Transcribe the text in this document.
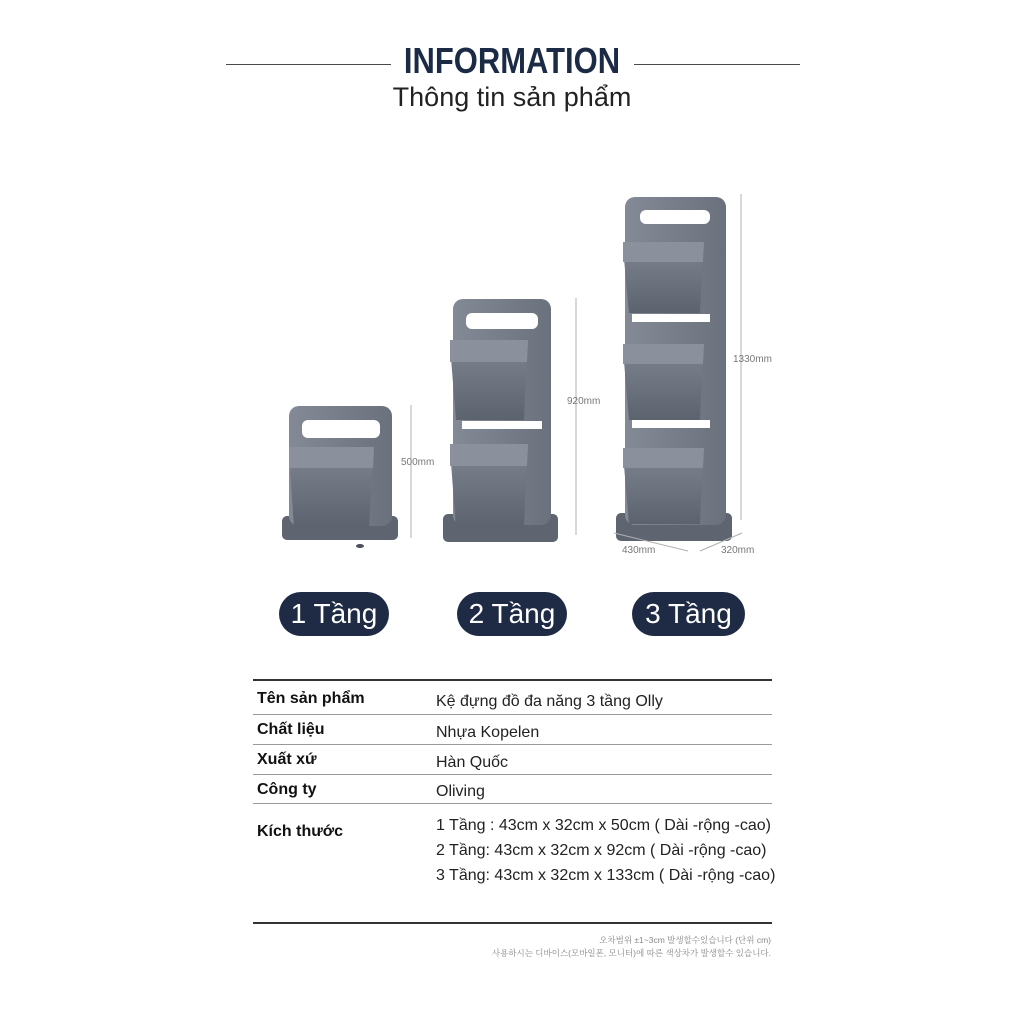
INFORMATION
Thông tin sản phẩm
500mm
920mm
1330mm
430mm	320mm
1 Tầng	2 Tầng	3 Tầng
Tên sản phẩm	Kệ đựng đồ đa năng 3 tầng Olly
Chất liệu	Nhựa Kopelen
Xuất xứ	Hàn Quốc
Công ty	Oliving
Kích thước	1 Tầng : 43cm x 32cm x 50cm ( Dài -rộng -cao)
2 Tầng: 43cm x 32cm x 92cm ( Dài -rộng -cao)
3 Tầng: 43cm x 32cm x 133cm ( Dài -rộng -cao)
오차범위 ±1~3cm 발생할수있습니다 (단위 cm)
사용하시는 디바이스(모바일폰, 모니터)에 따른 색상차가 발생할수 있습니다.
